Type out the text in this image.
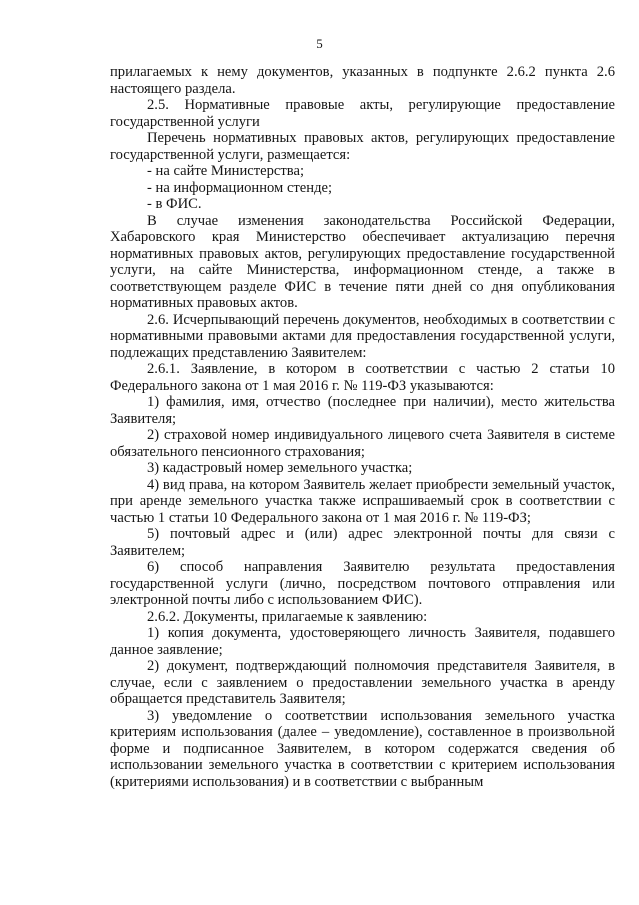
5

прилагаемых к нему документов, указанных в подпункте 2.6.2 пункта 2.6 настоящего раздела.

2.5. Нормативные правовые акты, регулирующие предоставление государственной услуги

Перечень нормативных правовых актов, регулирующих предоставление государственной услуги, размещается:

- на сайте Министерства;

- на информационном стенде;

- в ФИС.

В случае изменения законодательства Российской Федерации, Хабаровского края Министерство обеспечивает актуализацию перечня нормативных правовых актов, регулирующих предоставление государственной услуги, на сайте Министерства, информационном стенде, а также в соответствующем разделе ФИС в течение пяти дней со дня опубликования нормативных правовых актов.

2.6. Исчерпывающий перечень документов, необходимых в соответствии с нормативными правовыми актами для предоставления государственной услуги, подлежащих представлению Заявителем:

2.6.1. Заявление, в котором в соответствии с частью 2 статьи 10 Федерального закона от 1 мая 2016 г. № 119-ФЗ указываются:

1) фамилия, имя, отчество (последнее при наличии), место жительства Заявителя;

2) страховой номер индивидуального лицевого счета Заявителя в системе обязательного пенсионного страхования;

3) кадастровый номер земельного участка;

4) вид права, на котором Заявитель желает приобрести земельный участок, при аренде земельного участка также испрашиваемый срок в соответствии с частью 1 статьи 10 Федерального закона от 1 мая 2016 г. № 119-ФЗ;

5) почтовый адрес и (или) адрес электронной почты для связи с Заявителем;

6) способ направления Заявителю результата предоставления государственной услуги (лично, посредством почтового отправления или электронной почты либо с использованием ФИС).

2.6.2. Документы, прилагаемые к заявлению:

1) копия документа, удостоверяющего личность Заявителя, подавшего данное заявление;

2) документ, подтверждающий полномочия представителя Заявителя, в случае, если с заявлением о предоставлении земельного участка в аренду обращается представитель Заявителя;

3) уведомление о соответствии использования земельного участка критериям использования (далее – уведомление), составленное в произвольной форме и подписанное Заявителем, в котором содержатся сведения об использовании земельного участка в соответствии с критерием использования (критериями использования) и в соответствии с выбранным
